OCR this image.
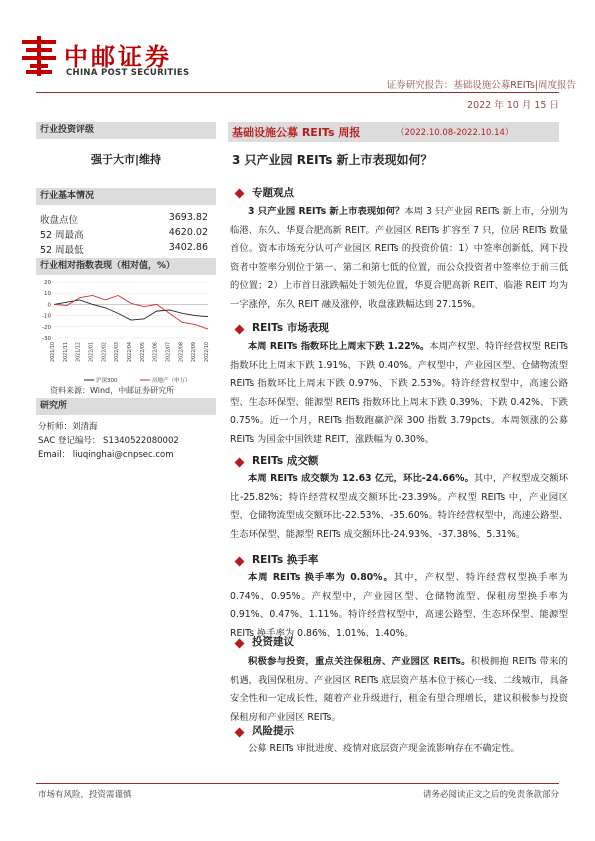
中邮证券
CHINA POST SECURITIES
证券研究报告：基础设施公募REITs|周度报告
2022 年 10 月 15 日
行业投资评级
强于大市|维持
行业基本情况
收盘点位	3693.82
52 周最高	4620.02
52 周最低	3402.86
行业相对指数表现（相对值，%）
20
10
0
-10
-20
-30
2021/10 2021/11 2021/12 2022/01 2022/02 2022/03 2022/04 2022/05 2022/06 2022/07 2022/08 2022/09 2022/10
沪深300	房地产（申万）
资料来源：Wind，中邮证券研究所
研究所
分析师：刘清海
SAC 登记编号： S1340522080002
Email： liuqinghai@cnpsec.com
基础设施公募 REITs 周报	（2022.10.08-2022.10.14）
3 只产业园 REITs 新上市表现如何？
专题观点
3 只产业园 REITs 新上市表现如何？本周 3 只产业园 REITs 新上市，分别为临港、东久、华夏合肥高新 REIT。产业园区 REITs 扩容至 7 只，位居 REITs 数量首位。资本市场充分认可产业园区 REITs 的投资价值：1）中签率创新低，网下投资者中签率分别位于第一、第二和第七低的位置，而公众投资者中签率位于前三低的位置；2）上市首日涨跌幅处于领先位置，华夏合肥高新 REIT、临港 REIT 均为一字涨停，东久 REIT 融及涨停，收盘涨跌幅达到 27.15%。
REITs 市场表现
本周 REITs 指数环比上周末下跌 1.22%。本周产权型、特许经营权型 REITs 指数环比上周末下跌 1.91%、下跌 0.40%。产权型中，产业园区型、仓储物流型 REITs 指数环比上周末下跌 0.97%、下跌 2.53%。特许经营权型中，高速公路型、生态环保型、能源型 REITs 指数环比上周末下跌 0.39%、下跌 0.42%、下跌 0.75%。近一个月，REITs 指数跑赢沪深 300 指数 3.79pcts。本周领涨的公募 REITs 为国金中国铁建 REIT，涨跌幅为 0.30%。
REITs 成交额
本周 REITs 成交额为 12.63 亿元，环比-24.66%。其中，产权型成交额环比-25.82%；特许经营权型成交额环比-23.39%。产权型 REITs 中，产业园区型、仓储物流型成交额环比-22.53%、-35.60%。特许经营权型中，高速公路型、生态环保型、能源型 REITs 成交额环比-24.93%、-37.38%、5.31%。
REITs 换手率
本周 REITs 换手率为 0.80%。其中，产权型、特许经营权型换手率为 0.74%、0.95%。产权型中，产业园区型、仓储物流型、保租房型换手率为 0.91%、0.47%、1.11%。特许经营权型中，高速公路型、生态环保型、能源型 REITs 换手率为 0.86%、1.01%、1.40%。
投资建议
积极参与投资，重点关注保租房、产业园区 REITs。积极拥抱 REITs 带来的机遇，我国保租房、产业园区 REITs 底层资产基本位于核心一线、二线城市，具备安全性和一定成长性，随着产业升级进行，租金有望合理增长，建议积极参与投资保租房和产业园区 REITs。
风险提示
公募 REITs 审批进度、疫情对底层资产现金流影响存在不确定性。
市场有风险，投资需谨慎	请务必阅读正文之后的免责条款部分
